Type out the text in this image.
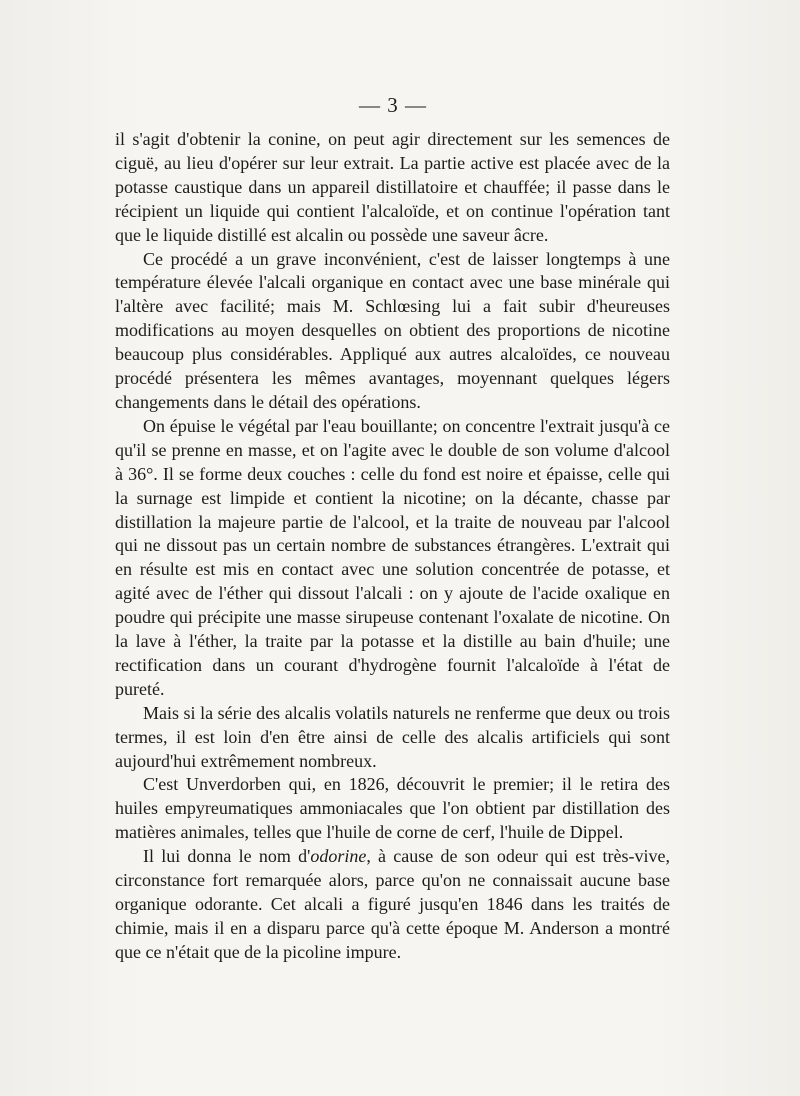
— 3 —

il s'agit d'obtenir la conine, on peut agir directement sur les semences de ciguë, au lieu d'opérer sur leur extrait. La partie active est placée avec de la potasse caustique dans un appareil distillatoire et chauffée; il passe dans le récipient un liquide qui contient l'alcaloïde, et on continue l'opération tant que le liquide distillé est alcalin ou possède une saveur âcre.

Ce procédé a un grave inconvénient, c'est de laisser longtemps à une température élevée l'alcali organique en contact avec une base minérale qui l'altère avec facilité; mais M. Schlœsing lui a fait subir d'heureuses modifications au moyen desquelles on obtient des proportions de nicotine beaucoup plus considérables. Appliqué aux autres alcaloïdes, ce nouveau procédé présentera les mêmes avantages, moyennant quelques légers changements dans le détail des opérations.

On épuise le végétal par l'eau bouillante; on concentre l'extrait jusqu'à ce qu'il se prenne en masse, et on l'agite avec le double de son volume d'alcool à 36°. Il se forme deux couches : celle du fond est noire et épaisse, celle qui la surnage est limpide et contient la nicotine; on la décante, chasse par distillation la majeure partie de l'alcool, et la traite de nouveau par l'alcool qui ne dissout pas un certain nombre de substances étrangères. L'extrait qui en résulte est mis en contact avec une solution concentrée de potasse, et agité avec de l'éther qui dissout l'alcali : on y ajoute de l'acide oxalique en poudre qui précipite une masse sirupeuse contenant l'oxalate de nicotine. On la lave à l'éther, la traite par la potasse et la distille au bain d'huile; une rectification dans un courant d'hydrogène fournit l'alcaloïde à l'état de pureté.

Mais si la série des alcalis volatils naturels ne renferme que deux ou trois termes, il est loin d'en être ainsi de celle des alcalis artificiels qui sont aujourd'hui extrêmement nombreux.

C'est Unverdorben qui, en 1826, découvrit le premier; il le retira des huiles empyreumatiques ammoniacales que l'on obtient par distillation des matières animales, telles que l'huile de corne de cerf, l'huile de Dippel.

Il lui donna le nom d'odorine, à cause de son odeur qui est très-vive, circonstance fort remarquée alors, parce qu'on ne connaissait aucune base organique odorante. Cet alcali a figuré jusqu'en 1846 dans les traités de chimie, mais il en a disparu parce qu'à cette époque M. Anderson a montré que ce n'était que de la picoline impure.
